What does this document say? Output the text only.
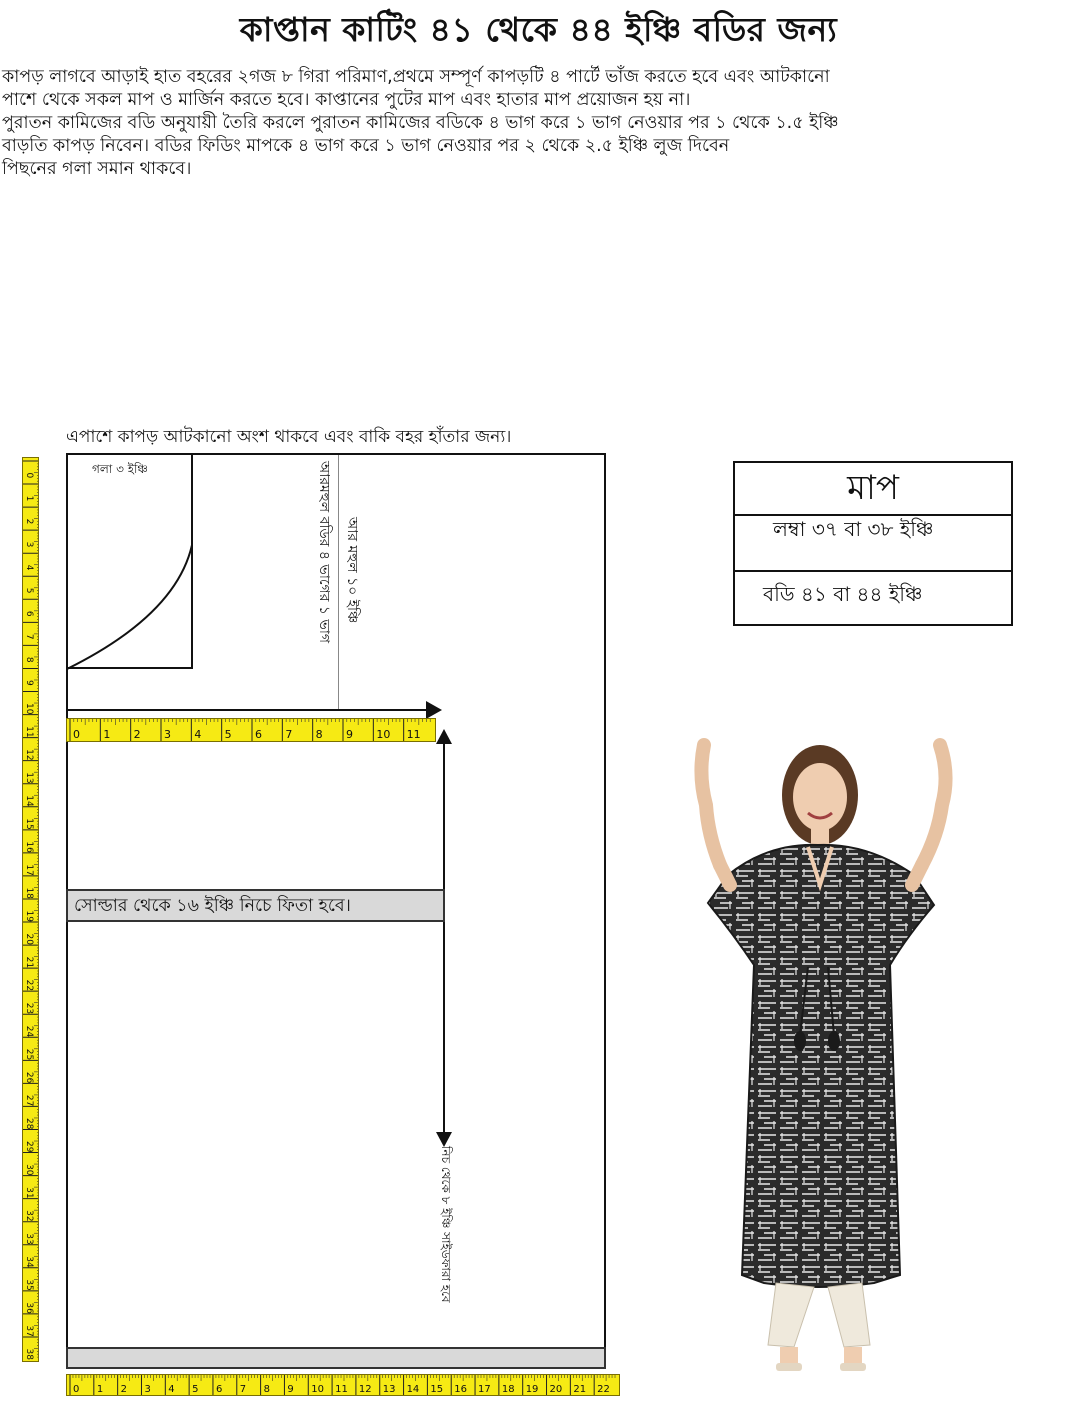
কাপ্তান কাটিং ৪১ থেকে ৪৪ ইঞ্চি বডির জন্য
কাপড় লাগবে আড়াই হাত বহরের ২গজ ৮ গিরা পরিমাণ,প্রথমে সম্পূর্ণ কাপড়টি ৪ পার্টে ভাঁজ করতে হবে এবং আটকানো
পাশে থেকে সকল মাপ ও মার্জিন করতে হবে। কাপ্তানের পুটের মাপ এবং হাতার মাপ প্রয়োজন হয় না।
পুরাতন কামিজের বডি অনুযায়ী তৈরি করলে পুরাতন কামিজের বডিকে ৪ ভাগ করে ১ ভাগ নেওয়ার পর ১ থেকে ১.৫ ইঞ্চি
বাড়তি কাপড় নিবেন। বডির ফিডিং মাপকে ৪ ভাগ করে ১ ভাগ নেওয়ার পর ২ থেকে ২.৫ ইঞ্চি লুজ দিবেন
পিছনের গলা সমান থাকবে।
এপাশে কাপড় আটকানো অংশ থাকবে এবং বাকি বহর হাঁতার জন্য।
গলা ৩ ইঞ্চি	আরমহুল বডির ৪ ভাগের ১ ভাগ আর মহুল ১০ ইঞ্চি
নিচ থেকে ৮ ইঞ্চি সাইডফারা হবে
সোল্ডার থেকে ১৬ ইঞ্চি নিচে ফিতা হবে।
0
1
2
3
4
5
6
7
8
9
10
11
12
13
14
15
16
17
18
19
20
21
22
23
24
25
26
27
28
29
30
31
32
33
34
35
36
37
38
0 1 2 3 4 5 6 7 8 9 10 11
0 1 2 3 4 5 6 7 8 9 10 11 12 13 14 15 16 17 18 19 20 21 22
মাপ
লম্বা ৩৭ বা ৩৮ ইঞ্চি
বডি ৪১ বা ৪৪ ইঞ্চি
